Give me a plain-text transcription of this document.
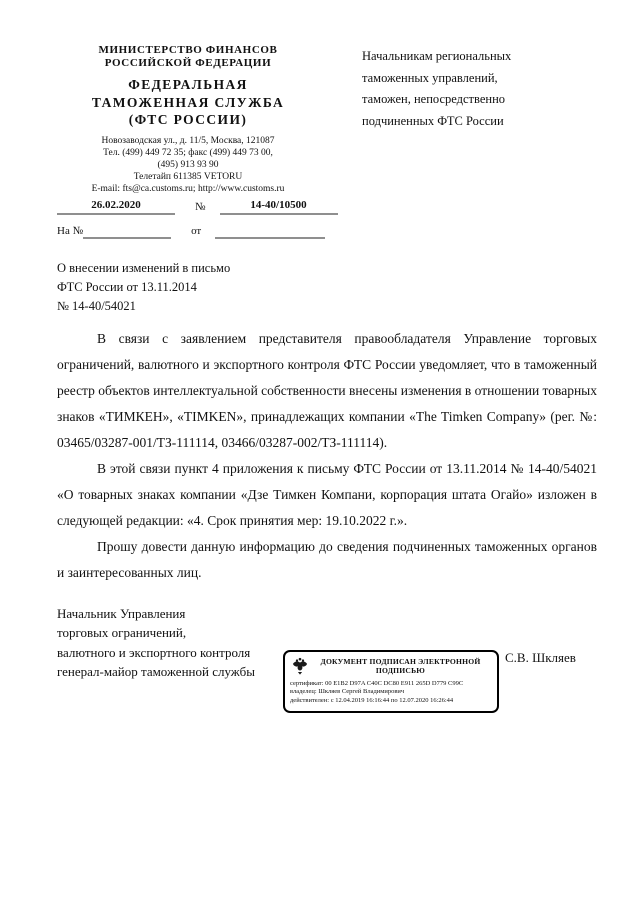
МИНИСТЕРСТВО ФИНАНСОВ
РОССИЙСКОЙ ФЕДЕРАЦИИ
ФЕДЕРАЛЬНАЯ
ТАМОЖЕННАЯ СЛУЖБА
(ФТС РОССИИ)
Новозаводская ул., д. 11/5, Москва, 121087
Тел. (499) 449 72 35; факс (499) 449 73 00,
(495) 913 93 90
Телетайп 611385 VETORU
E-mail: fts@ca.customs.ru; http://www.customs.ru
Начальникам региональных
таможенных управлений,
таможен, непосредственно
подчиненных ФТС России
26.02.2020	№	14-40/10500
На №	от
О внесении изменений в письмо
ФТС России от 13.11.2014
№ 14-40/54021

В связи с заявлением представителя правообладателя Управление торговых ограничений, валютного и экспортного контроля ФТС России уведомляет, что в таможенный реестр объектов интеллектуальной собственности внесены изменения в отношении товарных знаков «ТИМКЕН», «TIMKEN», принадлежащих компании «The Timken Company» (рег. №: 03465/03287-001/ТЗ-111114, 03466/03287-002/ТЗ-111114).

В этой связи пункт 4 приложения к письму ФТС России от 13.11.2014 № 14-40/54021 «О товарных знаках компании «Дзе Тимкен Компани, корпорация штата Огайо» изложен в следующей редакции: «4. Срок принятия мер: 19.10.2022 г.».

Прошу довести данную информацию до сведения подчиненных таможенных органов и заинтересованных лиц.

Начальник Управления
торговых ограничений,
валютного и экспортного контроля
генерал-майор таможенной службы
С.В. Шкляев
ДОКУМЕНТ ПОДПИСАН ЭЛЕКТРОННОЙ ПОДПИСЬЮ
сертификат: 00 E1B2 D97A C40C DC80 E911 265D D779 C99C
владелец: Шкляев Сергей Владимирович
действителен: с 12.04.2019 16:16:44 по 12.07.2020 16:26:44
